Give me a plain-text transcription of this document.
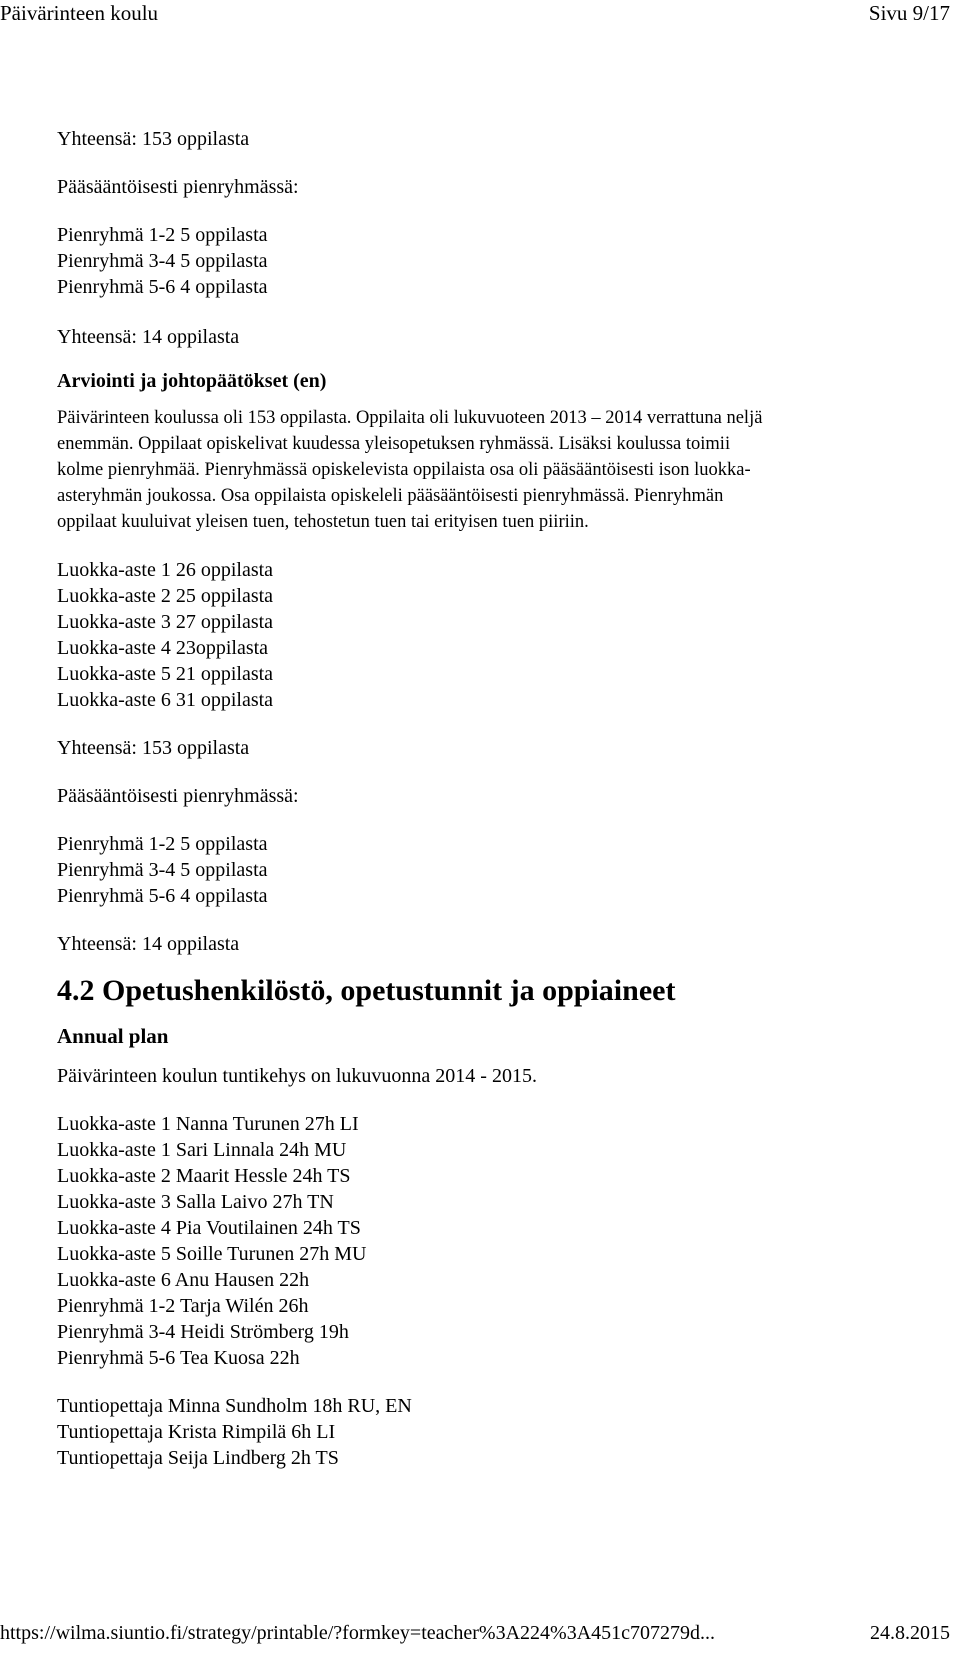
Päivärinteen koulu	Sivu 9/17

Yhteensä: 153 oppilasta

Pääsääntöisesti pienryhmässä:

Pienryhmä 1-2 5 oppilasta
Pienryhmä 3-4 5 oppilasta
Pienryhmä 5-6 4 oppilasta

Yhteensä: 14 oppilasta

Arviointi ja johtopäätökset (en)

Päivärinteen koulussa oli 153 oppilasta. Oppilaita oli lukuvuoteen 2013 – 2014 verrattuna neljä
enemmän. Oppilaat opiskelivat kuudessa yleisopetuksen ryhmässä. Lisäksi koulussa toimii
kolme pienryhmää. Pienryhmässä opiskelevista oppilaista osa oli pääsääntöisesti ison luokka-
asteryhmän joukossa. Osa oppilaista opiskeleli pääsääntöisesti pienryhmässä. Pienryhmän
oppilaat kuuluivat yleisen tuen, tehostetun tuen tai erityisen tuen piiriin.
Luokka-aste 1 26 oppilasta
Luokka-aste 2 25 oppilasta
Luokka-aste 3 27 oppilasta
Luokka-aste 4 23oppilasta
Luokka-aste 5 21 oppilasta
Luokka-aste 6 31 oppilasta

Yhteensä: 153 oppilasta

Pääsääntöisesti pienryhmässä:

Pienryhmä 1-2 5 oppilasta
Pienryhmä 3-4 5 oppilasta
Pienryhmä 5-6 4 oppilasta

Yhteensä: 14 oppilasta

4.2 Opetushenkilöstö, opetustunnit ja oppiaineet

Annual plan

Päivärinteen koulun tuntikehys on lukuvuonna 2014 - 2015.

Luokka-aste 1 Nanna Turunen 27h LI
Luokka-aste 1 Sari Linnala 24h MU
Luokka-aste 2 Maarit Hessle 24h TS
Luokka-aste 3 Salla Laivo 27h TN
Luokka-aste 4 Pia Voutilainen 24h TS
Luokka-aste 5 Soille Turunen 27h MU
Luokka-aste 6 Anu Hausen 22h
Pienryhmä 1-2 Tarja Wilén 26h
Pienryhmä 3-4 Heidi Strömberg 19h
Pienryhmä 5-6 Tea Kuosa 22h
Tuntiopettaja Minna Sundholm 18h RU, EN
Tuntiopettaja Krista Rimpilä 6h LI
Tuntiopettaja Seija Lindberg 2h TS
https://wilma.siuntio.fi/strategy/printable/?formkey=teacher%3A224%3A451c707279d...	24.8.2015
